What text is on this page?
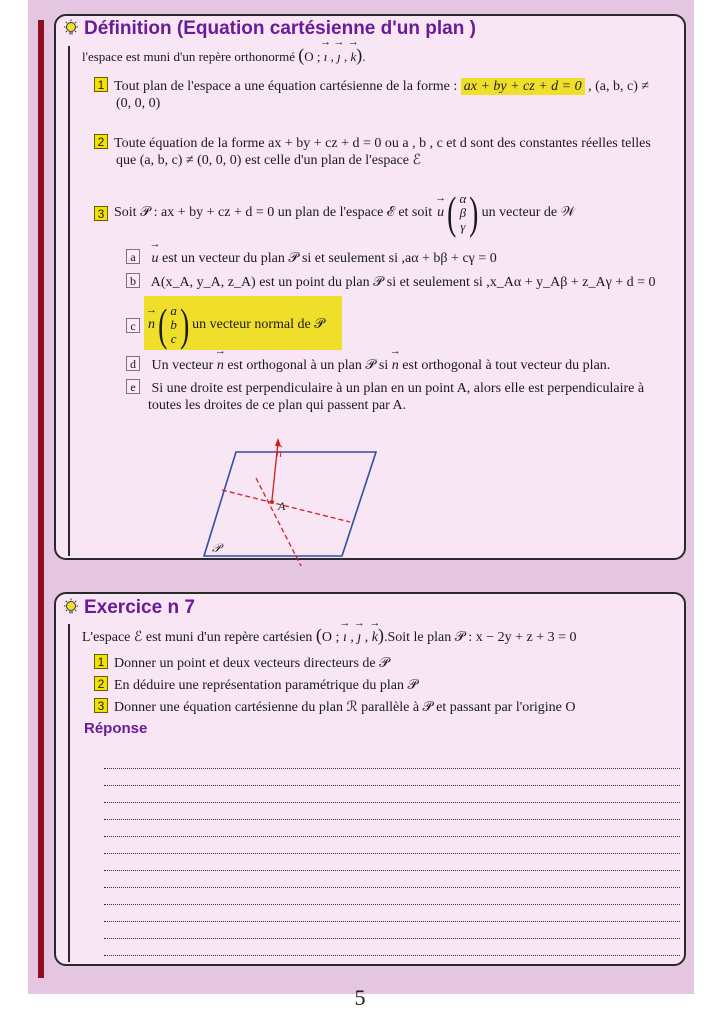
Définition (Equation cartésienne d'un plan )
l'espace est muni d'un repère orthonormé (O ; → ı , → ȷ , → k).
1 Tout plan de l'espace a une équation cartésienne de la forme : ax + by + cz + d = 0 , (a, b, c) ≠
(0, 0, 0)
2 Toute équation de la forme ax + by + cz + d = 0 ou a , b , c et d sont des constantes réelles telles
que (a, b, c) ≠ (0, 0, 0) est celle d'un plan de l'espace ℰ
3 Soit 𝒫 : ax + by + cz + d = 0 un plan de l'espace ℰ et soit → u ( α
β
γ ) un vecteur de 𝒲
a → u est un vecteur du plan 𝒫 si et seulement si ,aα + bβ + cγ = 0
b A(x_A, y_A, z_A) est un point du plan 𝒫 si et seulement si ,x_Aα + y_Aβ + z_Aγ + d = 0
c → n ( a
b
c ) un vecteur normal de 𝒫
d Un vecteur → n est orthogonal à un plan 𝒫 si → n est orthogonal à tout vecteur du plan.
e Si une droite est perpendiculaire à un plan en un point A, alors elle est perpendiculaire à
toutes les droites de ce plan qui passent par A.
n
→
A
𝒫
Exercice n 7
L'espace ℰ est muni d'un repère cartésien (O ; → ı , → ȷ , → k).Soit le plan 𝒫 : x − 2y + z + 3 = 0
1 Donner un point et deux vecteurs directeurs de 𝒫
2 En déduire une représentation paramétrique du plan 𝒫
3 Donner une équation cartésienne du plan ℛ parallèle à 𝒫 et passant par l'origine O
Réponse
5
